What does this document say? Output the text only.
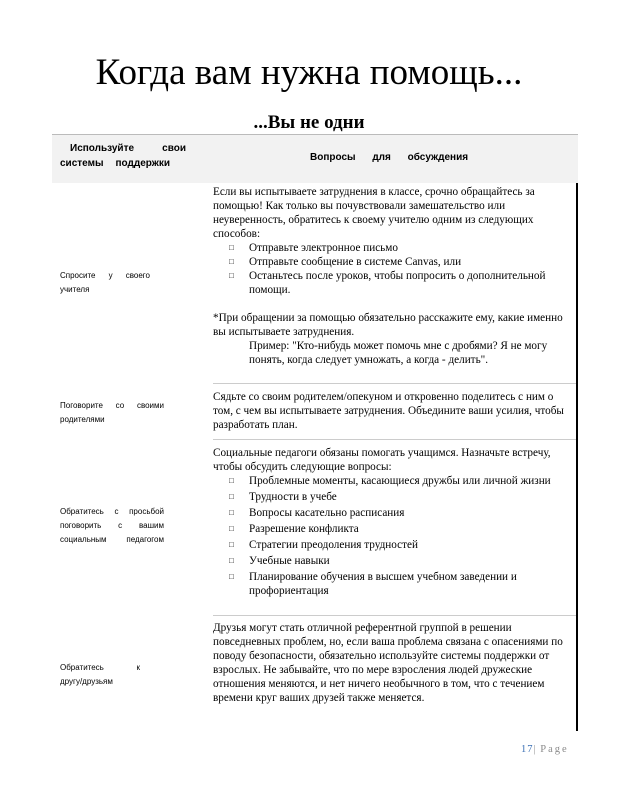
Когда вам нужна помощь...
...Вы не одни
Используйте свои
системы поддержки
Вопросы для обсуждения
Спросите у своего
учителя

Если вы испытываете затруднения в классе, срочно обращайтесь за помощью! Как только вы почувствовали замешательство или неуверенность, обратитесь к своему учителю одним из следующих способов:

□ Отправьте электронное письмо
□ Отправьте сообщение в системе Canvas, или
□ Останьтесь после уроков, чтобы попросить о дополнительной помощи.

*При обращении за помощью обязательно расскажите ему, какие именно вы испытываете затруднения.

Пример: "Кто-нибудь может помочь мне с дробями? Я не могу понять, когда следует умножать, а когда - делить".

Поговорите со своими
родителями

Сядьте со своим родителем/опекуном и откровенно поделитесь с ним о том, с чем вы испытываете затруднения. Объедините ваши усилия, чтобы разработать план.

Обратитесь с просьбой
поговорить с вашим
социальным педагогом

Социальные педагоги обязаны помогать учащимся. Назначьте встречу, чтобы обсудить следующие вопросы:

□ Проблемные моменты, касающиеся дружбы или личной жизни
□ Трудности в учебе
□ Вопросы касательно расписания
□ Разрешение конфликта
□ Стратегии преодоления трудностей
□ Учебные навыки
□ Планирование обучения в высшем учебном заведении и профориентация
Обратитесь к
другу/друзьям

Друзья могут стать отличной референтной группой в решении повседневных проблем, но, если ваша проблема связана с опасениями по поводу безопасности, обязательно используйте системы поддержки от взрослых. Не забывайте, что по мере взросления людей дружеские отношения меняются, и нет ничего необычного в том, что с течением времени круг ваших друзей также меняется.

17| Page
